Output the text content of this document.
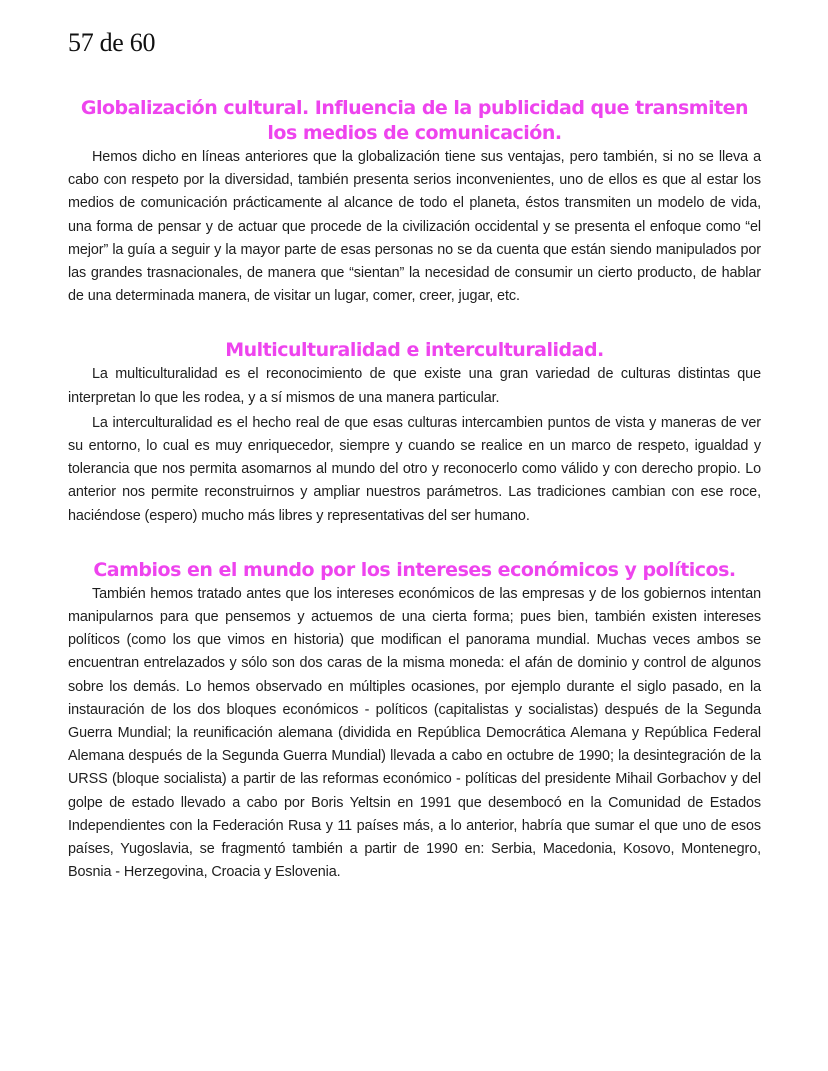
57 de 60
Globalización cultural. Influencia de la publicidad que transmiten los medios de comunicación.

Hemos dicho en líneas anteriores que la globalización tiene sus ventajas, pero también, si no se lleva a cabo con respeto por la diversidad, también presenta serios inconvenientes, uno de ellos es que al estar los medios de comunicación prácticamente al alcance de todo el planeta, éstos transmiten un modelo de vida, una forma de pensar y de actuar que procede de la civilización occidental y se presenta el enfoque como “el mejor” la guía a seguir y la mayor parte de esas personas no se da cuenta que están siendo manipulados por las grandes trasnacionales, de manera que “sientan” la necesidad de consumir un cierto producto, de hablar de una determinada manera, de visitar un lugar, comer, creer, jugar, etc.

Multiculturalidad e interculturalidad.

La multiculturalidad es el reconocimiento de que existe una gran variedad de culturas distintas que interpretan lo que les rodea, y a sí mismos de una manera particular.

La interculturalidad es el hecho real de que esas culturas intercambien puntos de vista y maneras de ver su entorno, lo cual es muy enriquecedor, siempre y cuando se realice en un marco de respeto, igualdad y tolerancia que nos permita asomarnos al mundo del otro y reconocerlo como válido y con derecho propio. Lo anterior nos permite reconstruirnos y ampliar nuestros parámetros. Las tradiciones cambian con ese roce, haciéndose (espero) mucho más libres y representativas del ser humano.

Cambios en el mundo por los intereses económicos y políticos.

También hemos tratado antes que los intereses económicos de las empresas y de los gobiernos intentan manipularnos para que pensemos y actuemos de una cierta forma; pues bien, también existen intereses políticos (como los que vimos en historia) que modifican el panorama mundial. Muchas veces ambos se encuentran entrelazados y sólo son dos caras de la misma moneda: el afán de dominio y control de algunos sobre los demás. Lo hemos observado en múltiples ocasiones, por ejemplo durante el siglo pasado, en la instauración de los dos bloques económicos - políticos (capitalistas y socialistas) después de la Segunda Guerra Mundial; la reunificación alemana (dividida en República Democrática Alemana y República Federal Alemana después de la Segunda Guerra Mundial) llevada a cabo en octubre de 1990; la desintegración de la URSS (bloque socialista) a partir de las reformas económico - políticas del presidente Mihail Gorbachov y del golpe de estado llevado a cabo por Boris Yeltsin en 1991 que desembocó en la Comunidad de Estados Independientes con la Federación Rusa y 11 países más, a lo anterior, habría que sumar el que uno de esos países, Yugoslavia, se fragmentó también a partir de 1990 en: Serbia, Macedonia, Kosovo, Montenegro, Bosnia - Herzegovina, Croacia y Eslovenia.
